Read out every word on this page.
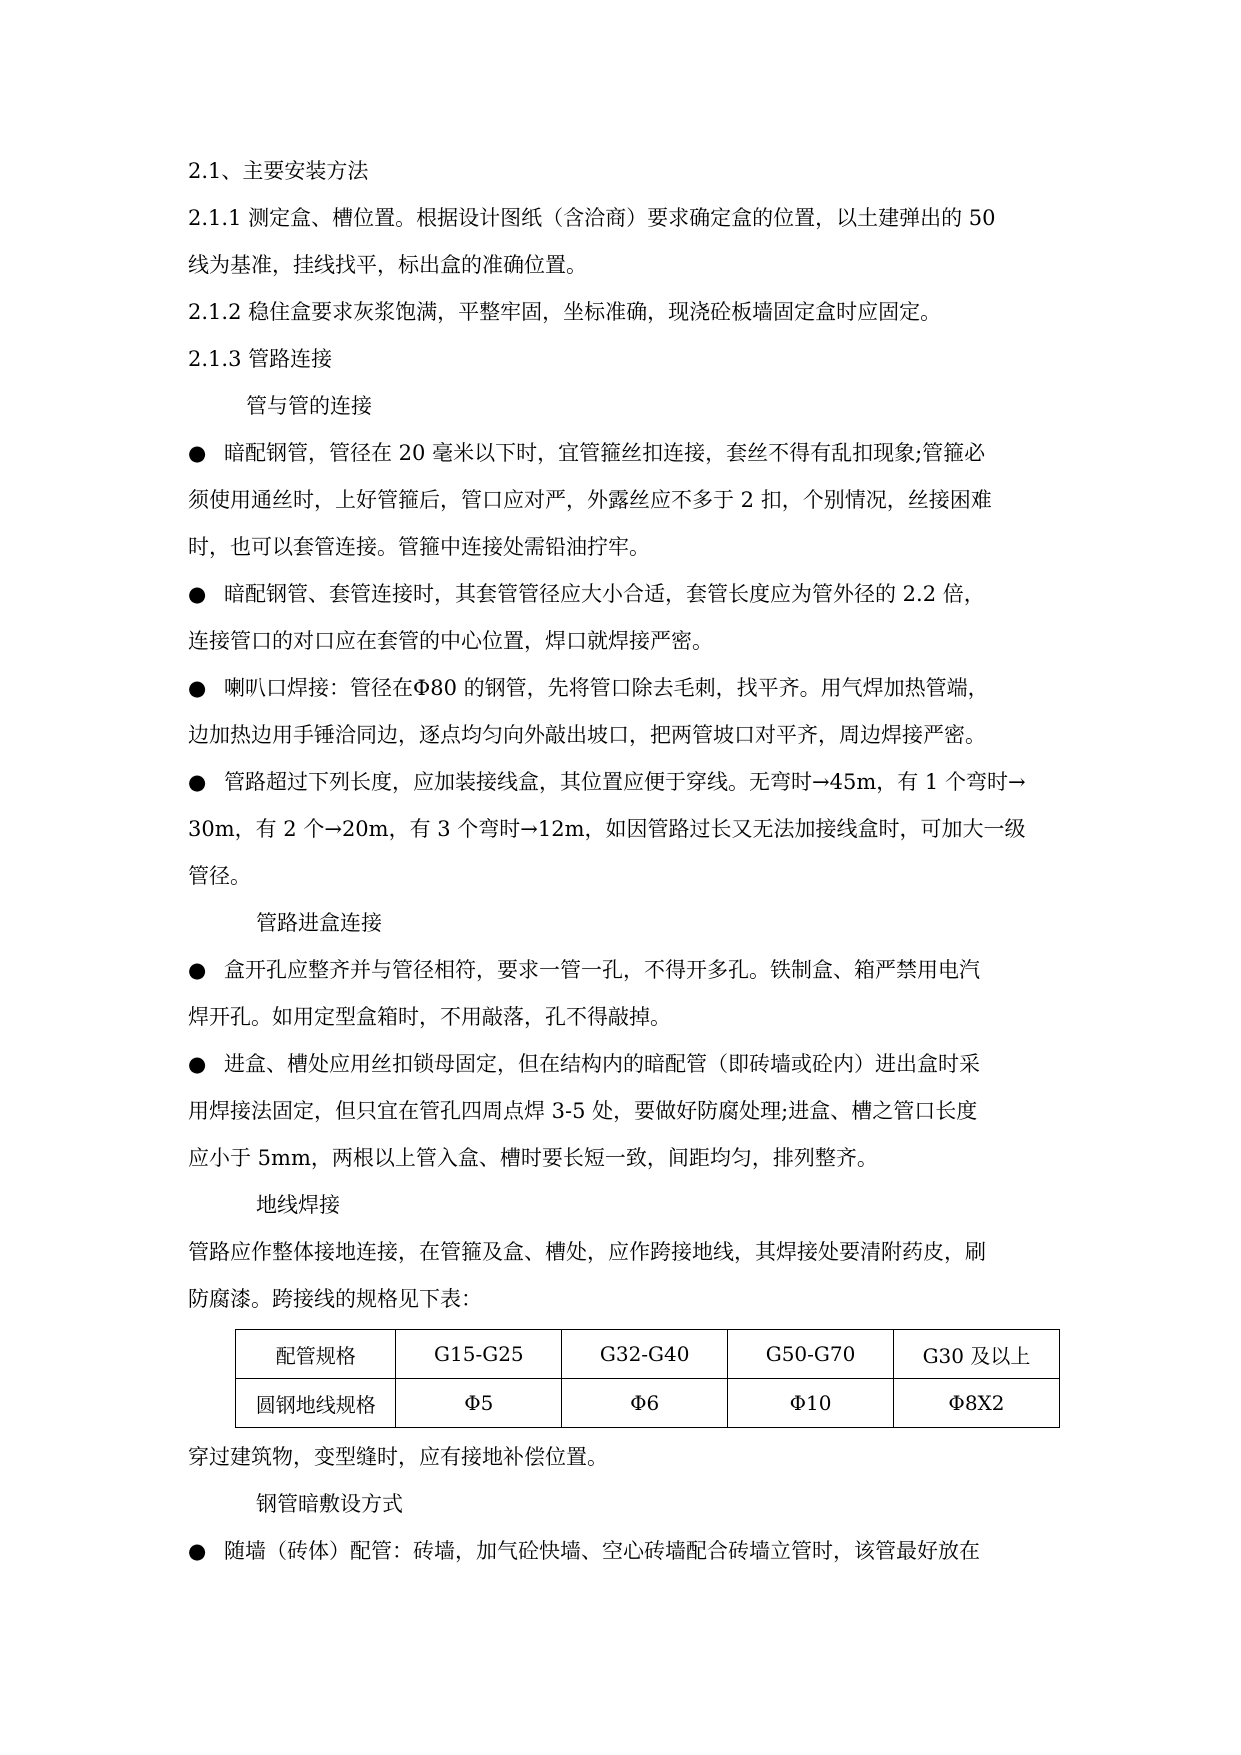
2.1、主要安装方法

2.1.1 测定盒、槽位置。根据设计图纸（含洽商）要求确定盒的位置，以土建弹出的 50

线为基准，挂线找平，标出盒的准确位置。

2.1.2 稳住盒要求灰浆饱满，平整牢固，坐标准确，现浇砼板墙固定盒时应固定。

2.1.3 管路连接

管与管的连接

● 暗配钢管，管径在 20 毫米以下时，宜管箍丝扣连接，套丝不得有乱扣现象;管箍必

须使用通丝时，上好管箍后，管口应对严，外露丝应不多于 2 扣，个别情况，丝接困难

时，也可以套管连接。管箍中连接处需铅油拧牢。

● 暗配钢管、套管连接时，其套管管径应大小合适，套管长度应为管外径的 2.2 倍，

连接管口的对口应在套管的中心位置，焊口就焊接严密。

● 喇叭口焊接：管径在Φ80 的钢管，先将管口除去毛刺，找平齐。用气焊加热管端，

边加热边用手锤洽同边，逐点均匀向外敲出坡口，把两管坡口对平齐，周边焊接严密。

● 管路超过下列长度，应加装接线盒，其位置应便于穿线。无弯时→45m，有 1 个弯时→

30m，有 2 个→20m，有 3 个弯时→12m，如因管路过长又无法加接线盒时，可加大一级

管径。

管路进盒连接

● 盒开孔应整齐并与管径相符，要求一管一孔，不得开多孔。铁制盒、箱严禁用电汽

焊开孔。如用定型盒箱时，不用敲落，孔不得敲掉。

● 进盒、槽处应用丝扣锁母固定，但在结构内的暗配管（即砖墙或砼内）进出盒时采

用焊接法固定，但只宜在管孔四周点焊 3-5 处，要做好防腐处理;进盒、槽之管口长度

应小于 5mm，两根以上管入盒、槽时要长短一致，间距均匀，排列整齐。

地线焊接

管路应作整体接地连接，在管箍及盒、槽处，应作跨接地线，其焊接处要清附药皮，刷

防腐漆。跨接线的规格见下表：

配管规格	G15-G25	G32-G40	G50-G70	G30 及以上
圆钢地线规格	Φ5	Φ6	Φ10	Φ8X2

穿过建筑物，变型缝时，应有接地补偿位置。

钢管暗敷设方式

● 随墙（砖体）配管：砖墙，加气砼快墙、空心砖墙配合砖墙立管时，该管最好放在
